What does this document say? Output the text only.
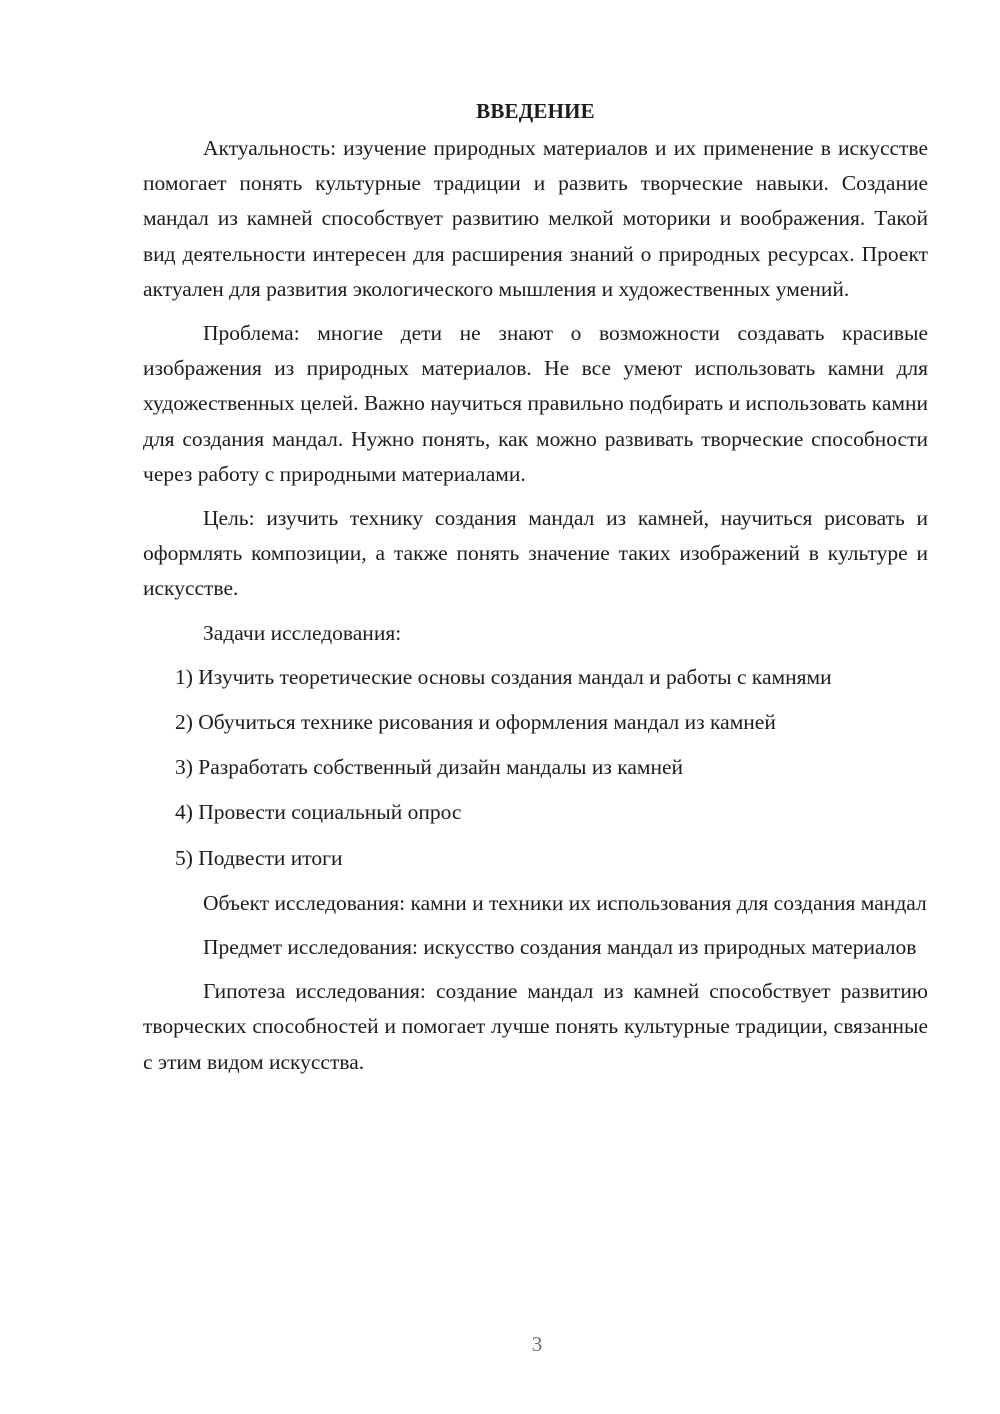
ВВЕДЕНИЕ

Актуальность: изучение природных материалов и их применение в искусстве помогает понять культурные традиции и развить творческие навыки. Создание мандал из камней способствует развитию мелкой моторики и воображения. Такой вид деятельности интересен для расширения знаний о природных ресурсах. Проект актуален для развития экологического мышления и художественных умений.

Проблема: многие дети не знают о возможности создавать красивые изображения из природных материалов. Не все умеют использовать камни для художественных целей. Важно научиться правильно подбирать и использовать камни для создания мандал. Нужно понять, как можно развивать творческие способности через работу с природными материалами.

Цель: изучить технику создания мандал из камней, научиться рисовать и оформлять композиции, а также понять значение таких изображений в культуре и искусстве.

Задачи исследования:

1) Изучить теоретические основы создания мандал и работы с камнями

2) Обучиться технике рисования и оформления мандал из камней

3) Разработать собственный дизайн мандалы из камней

4) Провести социальный опрос

5) Подвести итоги

Объект исследования: камни и техники их использования для создания мандал

Предмет исследования: искусство создания мандал из природных материалов

Гипотеза исследования: создание мандал из камней способствует развитию творческих способностей и помогает лучше понять культурные традиции, связанные с этим видом искусства.

3
